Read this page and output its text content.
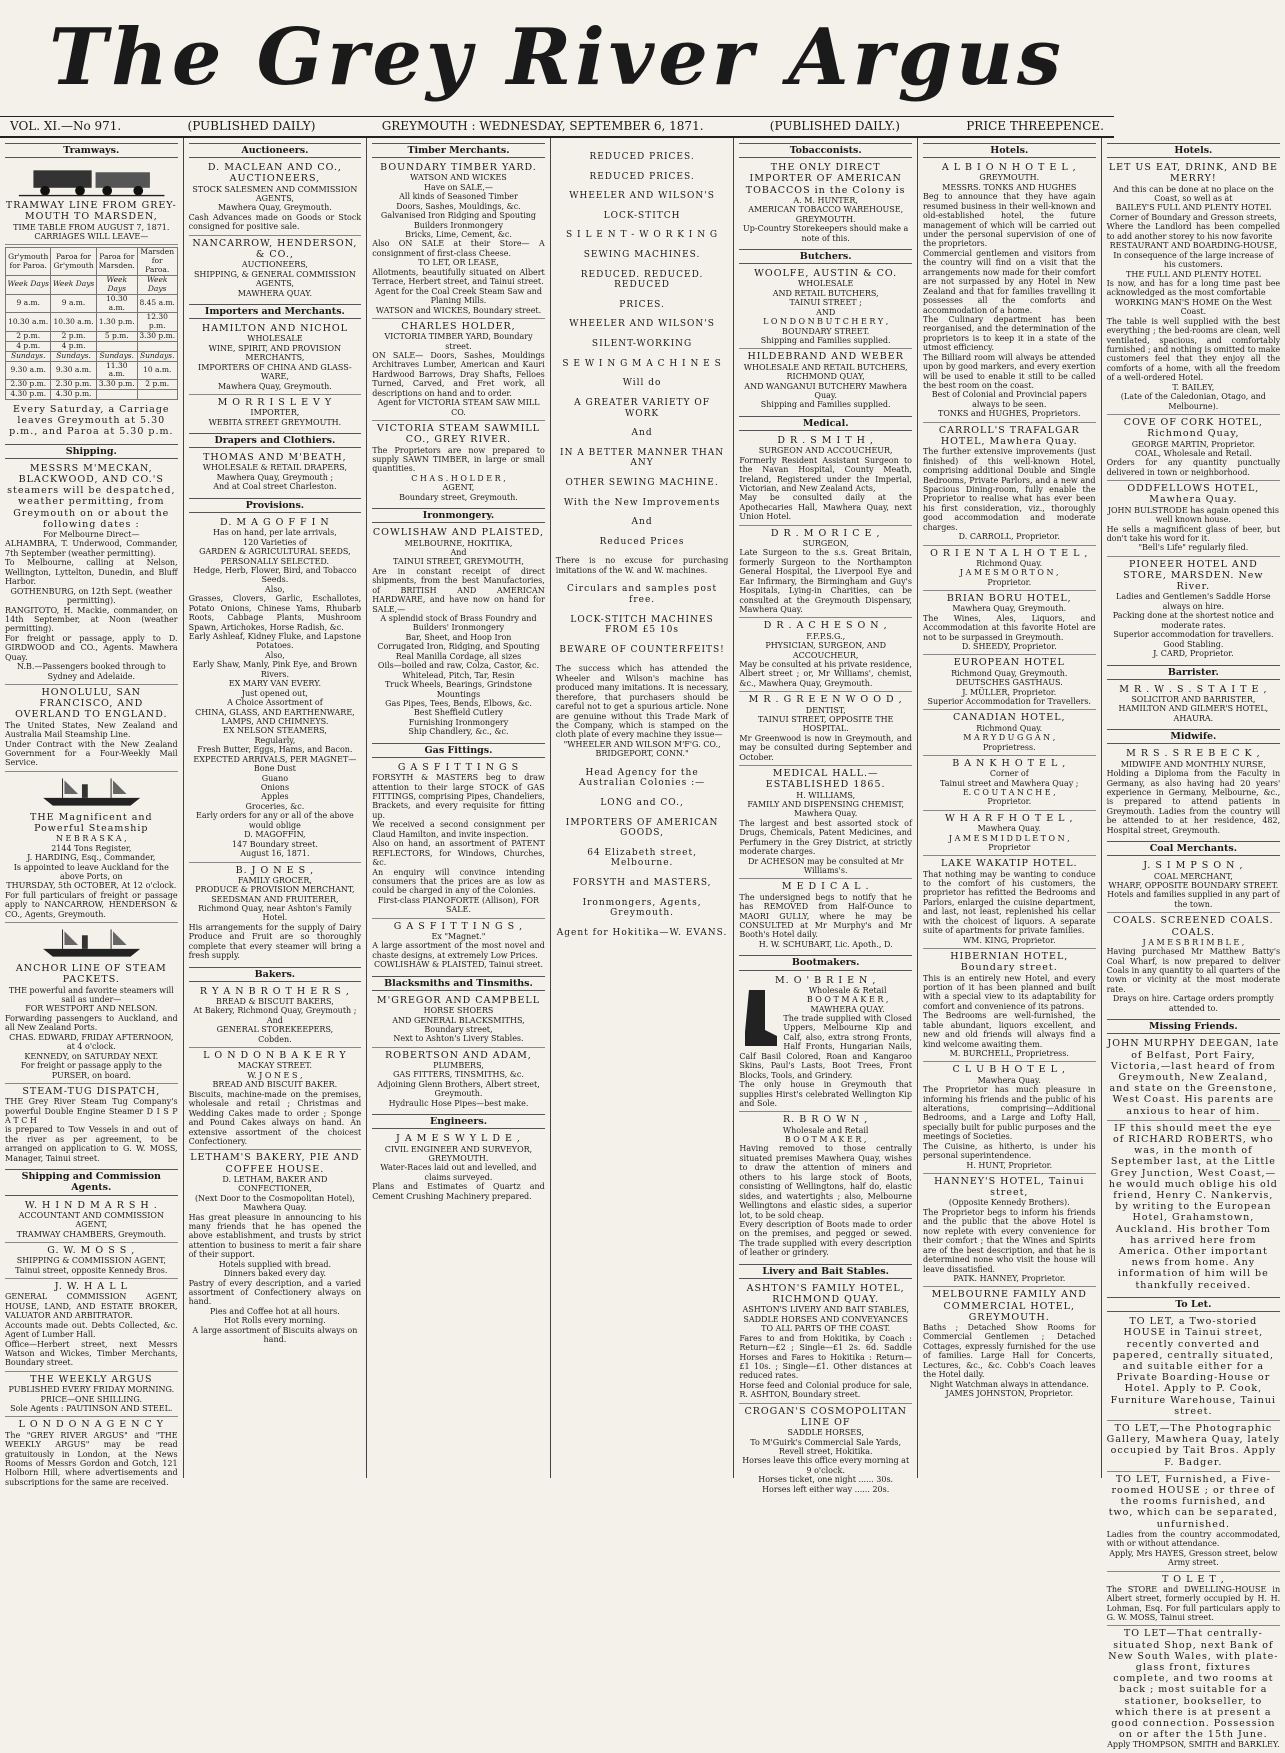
The Grey River Argus
VOL. XI.—No 971.	(PUBLISHED DAILY)	GREYMOUTH : WEDNESDAY, SEPTEMBER 6, 1871.	(PUBLISHED DAILY.)	PRICE THREEPENCE.
Tramways.
TRAMWAY LINE FROM GREY-MOUTH TO MARSDEN,
TIME TABLE FROM AUGUST 7, 1871.
CARRIAGES WILL LEAVE—
Gr'ymouth for Paroa.	Paroa for Gr'ymouth	Paroa for Marsden.	Marsden for Paroa.
Week Days	Week Days	Week Days	Week Days
9 a.m.	9 a.m.	10.30 a.m.	8.45 a.m.
10.30 a.m.	10.30 a.m.	1.30 p.m.	12.30 p.m.
2 p.m.	2 p.m.	5 p.m.	3.30 p.m.
4 p.m.	4 p.m.		
Sundays.	Sundays.	Sundays.	Sundays.
9.30 a.m.	9.30 a.m.	11.30 a.m.	10 a.m.
2.30 p.m.	2.30 p.m.	3.30 p.m.	2 p.m.
4.30 p.m.	4.30 p.m.		
Every Saturday, a Carriage leaves Greymouth at 5.30 p.m., and Paroa at 5.30 p.m.
Shipping.
MESSRS M'MECKAN, BLACKWOOD, AND CO.'S steamers will be despatched, weather permitting, from Greymouth on or about the following dates :
For Melbourne Direct—
ALHAMBRA, T. Underwood, Commander, 7th September (weather permitting).
To Melbourne, calling at Nelson, Wellington, Lyttelton, Dunedin, and Bluff Harbor.
GOTHENBURG, on 12th Sept. (weather permitting).
RANGITOTO, H. Mackie, commander, on 14th September, at Noon (weather permitting).
For freight or passage, apply to D. GIRDWOOD and CO., Agents. Mawhera Quay.
N.B.—Passengers booked through to Sydney and Adelaide.
HONOLULU, SAN FRANCISCO, AND OVERLAND TO ENGLAND.
The United States, New Zealand and Australia Mail Steamship Line.
Under Contract with the New Zealand Government for a Four-Weekly Mail Service.
THE Magnificent and Powerful Steamship
N E B R A S K A ,
2144 Tons Register,
J. HARDING, Esq., Commander,
Is appointed to leave Auckland for the above Ports, on
THURSDAY, 5th OCTOBER, At 12 o'clock.
For full particulars of freight or passage apply to NANCARROW, HENDERSON & CO., Agents, Greymouth.
ANCHOR LINE OF STEAM PACKETS.
THE powerful and favorite steamers will sail as under—
FOR WESTPORT AND NELSON.
Forwarding passengers to Auckland, and all New Zealand Ports.
CHAS. EDWARD, FRIDAY AFTERNOON, at 4 o'clock.
KENNEDY, on SATURDAY NEXT.
For freight or passage apply to the PURSER, on board.
STEAM-TUG DISPATCH,
THE Grey River Steam Tug Company's powerful Double Engine Steamer D I S P A T C H
is prepared to Tow Vessels in and out of the river as per agreement, to be arranged on application to G. W. MOSS, Manager, Tainui street.
Shipping and Commission Agents.
W. H I N D M A R S H .
ACCOUNTANT AND COMMISSION AGENT,
TRAMWAY CHAMBERS, Greymouth.
G. W. M O S S ,
SHIPPING & COMMISSION AGENT,
Tainui street, opposite Kennedy Bros.
J. W. H A L L
GENERAL COMMISSION AGENT, HOUSE, LAND, AND ESTATE BROKER, VALUATOR AND ARBITRATOR.
Accounts made out. Debts Collected, &c. Agent of Lumber Hall.
Office—Herbert street, next Messrs Watson and Wickes, Timber Merchants, Boundary street.
THE WEEKLY ARGUS
PUBLISHED EVERY FRIDAY MORNING. PRICE—ONE SHILLING.
Sole Agents : PAUTINSON AND STEEL.
L O N D O N A G E N C Y
The "GREY RIVER ARGUS" and "THE WEEKLY ARGUS" may be read gratuitously in London, at the News Rooms of Messrs Gordon and Gotch, 121 Holborn Hill, where advertisements and subscriptions for the same are received.
Auctioneers.
D. MACLEAN AND CO., AUCTIONEERS,
STOCK SALESMEN AND COMMISSION AGENTS,
Mawhera Quay, Greymouth.
Cash Advances made on Goods or Stock consigned for positive sale.
NANCARROW, HENDERSON, & CO.,
AUCTIONEERS,
SHIPPING, & GENERAL COMMISSION AGENTS,
MAWHERA QUAY.
Importers and Merchants.
HAMILTON AND NICHOL
WHOLESALE
WINE, SPIRIT, AND PROVISION MERCHANTS,
IMPORTERS OF CHINA AND GLASS-WARE,
Mawhera Quay, Greymouth.
M O R R I S L E V Y
IMPORTER,
WEBITA STREET GREYMOUTH.
Drapers and Clothiers.
THOMAS AND M'BEATH,
WHOLESALE & RETAIL DRAPERS,
Mawhera Quay, Greymouth ;
And at Coal street Charleston.
Provisions.
D. M A G O F F I N
Has on hand, per late arrivals,
120 Varieties of
GARDEN & AGRICULTURAL SEEDS,
PERSONALLY SELECTED.
Hedge, Herb, Flower, Bird, and Tobacco Seeds.
Also,
Grasses, Clovers, Garlic, Eschallotes, Potato Onions, Chinese Yams, Rhubarb Roots, Cabbage Plants, Mushroom Spawn, Artichokes, Horse Radish, &c.
Early Ashleaf, Kidney Fluke, and Lapstone Potatoes.
Also,
Early Shaw, Manly, Pink Eye, and Brown Rivers.
EX MARY VAN EVERY.
Just opened out,
A Choice Assortment of
CHINA, GLASS, AND EARTHENWARE, LAMPS, AND CHIMNEYS.
EX NELSON STEAMERS,
Regularly,
Fresh Butter, Eggs, Hams, and Bacon.
EXPECTED ARRIVALS, PER MAGNET—
Bone Dust
Guano
Onions
Apples
Groceries, &c.
Early orders for any or all of the above would oblige
D. MAGOFFIN,
147 Boundary street.
August 16, 1871.
B. J O N E S ,
FAMILY GROCER,
PRODUCE & PROVISION MERCHANT,
SEEDSMAN AND FRUITERER,
Richmond Quay, near Ashton's Family Hotel.
His arrangements for the supply of Dairy Produce and Fruit are so thoroughly complete that every steamer will bring a fresh supply.
Bakers.
R Y A N B R O T H E R S ,
BREAD & BISCUIT BAKERS,
At Bakery, Richmond Quay, Greymouth ; And
GENERAL STOREKEEPERS,
Cobden.
L O N D O N B A K E R Y
MACKAY STREET.
W. J O N E S ,
BREAD AND BISCUIT BAKER.
Biscuits, machine-made on the premises, wholesale and retail ; Christmas and Wedding Cakes made to order ; Sponge and Pound Cakes always on hand. An extensive assortment of the choicest Confectionery.
LETHAM'S BAKERY, PIE AND COFFEE HOUSE.
D. LETHAM, BAKER AND CONFECTIONER,
(Next Door to the Cosmopolitan Hotel), Mawhera Quay.
Has great pleasure in announcing to his many friends that he has opened the above establishment, and trusts by strict attention to business to merit a fair share of their support.
Hotels supplied with bread.
Dinners baked every day.
Pastry of every description, and a varied assortment of Confectionery always on hand.
Pies and Coffee hot at all hours.
Hot Rolls every morning.
A large assortment of Biscuits always on hand.
Timber Merchants.
BOUNDARY TIMBER YARD.
WATSON AND WICKES
Have on SALE,—
All kinds of Seasoned Timber
Doors, Sashes, Mouldings, &c.
Galvanised Iron Ridging and Spouting
Builders Ironmongery
Bricks, Lime, Cement, &c.
Also ON SALE at their Store— A consignment of first-class Cheese.
TO LET, OR LEASE,
Allotments, beautifully situated on Albert Terrace, Herbert street, and Tainui street.
Agent for the Coal Creek Steam Saw and Planing Mills.
WATSON and WICKES, Boundary street.
CHARLES HOLDER,
VICTORIA TIMBER YARD, Boundary street.
ON SALE— Doors, Sashes, Mouldings Architraves Lumber, American and Kauri Hardwood Barrows, Dray Shafts, Felloes Turned, Carved, and Fret work, all descriptions on hand and to order.
Agent for VICTORIA STEAM SAW MILL CO.
VICTORIA STEAM SAWMILL CO., GREY RIVER.
The Proprietors are now prepared to supply SAWN TIMBER, in large or small quantities.
C H A S . H O L D E R ,
AGENT,
Boundary street, Greymouth.
Ironmongery.
COWLISHAW AND PLAISTED,
MELBOURNE, HOKITIKA,
And
TAINUI STREET, GREYMOUTH,
Are in constant receipt of direct shipments, from the best Manufactories, of BRITISH AND AMERICAN HARDWARE, and have now on hand for SALE,—
A splendid stock of Brass Foundry and Builders' Ironmongery
Bar, Sheet, and Hoop Iron
Corrugated Iron, Ridging, and Spouting
Real Manilla Cordage, all sizes
Oils—boiled and raw, Colza, Castor, &c.
Whitelead, Pitch, Tar, Resin
Truck Wheels, Bearings, Grindstone Mountings
Gas Pipes, Tees, Bends, Elbows, &c.
Best Sheffield Cutlery
Furnishing Ironmongery
Ship Chandlery, &c., &c.
Gas Fittings.
G A S F I T T I N G S
FORSYTH & MASTERS beg to draw attention to their large STOCK of GAS FITTINGS, comprising Pipes, Chandeliers, Brackets, and every requisite for fitting up.
We received a second consignment per Claud Hamilton, and invite inspection.
Also on hand, an assortment of PATENT REFLECTORS, for Windows, Churches, &c.
An enquiry will convince intending consumers that the prices are as low as could be charged in any of the Colonies.
First-class PIANOFORTE (Allison), FOR SALE.
G A S F I T T I N G S ,
Ex "Magnet."
A large assortment of the most novel and chaste designs, at extremely Low Prices.
COWLISHAW & PLAISTED, Tainui street.
Blacksmiths and Tinsmiths.
M'GREGOR AND CAMPBELL
HORSE SHOERS
AND GENERAL BLACKSMITHS,
Boundary street,
Next to Ashton's Livery Stables.
ROBERTSON AND ADAM,
PLUMBERS,
GAS FITTERS, TINSMITHS, &c.
Adjoining Glenn Brothers, Albert street, Greymouth.
Hydraulic Hose Pipes—best make.
Engineers.
J A M E S W Y L D E ,
CIVIL ENGINEER AND SURVEYOR,
GREYMOUTH.
Water-Races laid out and levelled, and claims surveyed.
Plans and Estimates of Quartz and Cement Crushing Machinery prepared.
REDUCED PRICES.
REDUCED PRICES.
WHEELER AND WILSON'S
LOCK-STITCH
S I L E N T - W O R K I N G
SEWING MACHINES.
REDUCED. REDUCED. REDUCED
PRICES.
WHEELER AND WILSON'S
SILENT-WORKING
S E W I N G M A C H I N E S
Will do
A GREATER VARIETY OF WORK
And
IN A BETTER MANNER THAN ANY
OTHER SEWING MACHINE.
With the New Improvements
And
Reduced Prices
There is no excuse for purchasing imitations of the W. and W. machines.
Circulars and samples post free.
LOCK-STITCH MACHINES FROM £5 10s
BEWARE OF COUNTERFEITS!
The success which has attended the Wheeler and Wilson's machine has produced many imitations. It is necessary, therefore, that purchasers should be careful not to get a spurious article. None are genuine without this Trade Mark of the Company, which is stamped on the cloth plate of every machine they issue—
"WHEELER AND WILSON M'F'G. CO., BRIDGEPORT, CONN."
Head Agency for the Australian Colonies :—
LONG and CO.,
IMPORTERS OF AMERICAN GOODS,
64 Elizabeth street, Melbourne.
FORSYTH and MASTERS,
Ironmongers, Agents, Greymouth.
Agent for Hokitika—W. EVANS.
Tobacconists.
THE ONLY DIRECT IMPORTER OF AMERICAN TOBACCOS in the Colony is
A. M. HUNTER,
AMERICAN TOBACCO WAREHOUSE, GREYMOUTH.
Up-Country Storekeepers should make a note of this.
Butchers.
WOOLFE, AUSTIN & CO.
WHOLESALE
AND RETAIL BUTCHERS,
TAINUI STREET ;
AND
L O N D O N B U T C H E R Y ,
BOUNDARY STREET.
Shipping and Families supplied.
HILDEBRAND AND WEBER
WHOLESALE AND RETAIL BUTCHERS,
RICHMOND QUAY,
AND WANGANUI BUTCHERY Mawhera Quay.
Shipping and Families supplied.
Medical.
D R . S M I T H ,
SURGEON AND ACCOUCHEUR,
Formerly Resident Assistant Surgeon to the Navan Hospital, County Meath, Ireland, Registered under the Imperial, Victorian, and New Zealand Acts,
May be consulted daily at the Apothecaries Hall, Mawhera Quay, next Union Hotel.
D R . M O R I C E ,
SURGEON,
Late Surgeon to the s.s. Great Britain, formerly Surgeon to the Northampton General Hospital, the Liverpool Eye and Ear Infirmary, the Birmingham and Guy's Hospitals, Lying-in Charities, can be consulted at the Greymouth Dispensary, Mawhera Quay.
D R . A C H E S O N ,
F.F.P.S.G.,
PHYSICIAN, SURGEON, AND ACCOUCHEUR,
May be consulted at his private residence, Albert street ; or, Mr Williams', chemist, &c., Mawhera Quay, Greymouth.
M R . G R E E N W O O D ,
DENTIST,
TAINUI STREET, OPPOSITE THE HOSPITAL.
Mr Greenwood is now in Greymouth, and may be consulted during September and October.
MEDICAL HALL.—ESTABLISHED 1865.
H. WILLIAMS,
FAMILY AND DISPENSING CHEMIST, Mawhera Quay.
The largest and best assorted stock of Drugs, Chemicals, Patent Medicines, and Perfumery in the Grey District, at strictly moderate charges.
Dr ACHESON may be consulted at Mr Williams's.
M E D I C A L .
The undersigned begs to notify that he has REMOVED from Half-Ounce to MAORI GULLY, where he may be CONSULTED at Mr Murphy's and Mr Booth's Hotel daily.
H. W. SCHUBART, Lic. Apoth., D.
Bootmakers.
M. O ' B R I E N ,
Wholesale & Retail
B O O T M A K E R ,
MAWHERA QUAY.
The trade supplied with Closed Uppers, Melbourne Kip and Calf, also, extra strong Fronts, Half Fronts, Hungarian Nails, Calf Basil Colored, Roan and Kangaroo Skins, Paul's Lasts, Boot Trees, Front Blocks, Tools, and Grindery.
The only house in Greymouth that supplies Hirst's celebrated Wellington Kip and Sole.
R. B R O W N ,
Wholesale and Retail
B O O T M A K E R ,
Having removed to those centrally situated premises Mawhera Quay, wishes to draw the attention of miners and others to his large stock of Boots, consisting of Wellingtons, half do, elastic sides, and watertights ; also, Melbourne Wellingtons and elastic sides, a superior lot, to be sold cheap.
Every description of Boots made to order on the premises, and pegged or sewed. The trade supplied with every description of leather or grindery.
Livery and Bait Stables.
ASHTON'S FAMILY HOTEL, RICHMOND QUAY.
ASHTON'S LIVERY AND BAIT STABLES,
SADDLE HORSES AND CONVEYANCES TO ALL PARTS OF THE COAST.
Fares to and from Hokitika, by Coach : Return—£2 ; Single—£1 2s. 6d. Saddle Horses and Fares to Hokitika : Return—£1 10s. ; Single—£1. Other distances at reduced rates.
Horse feed and Colonial produce for sale, R. ASHTON, Boundary street.
CROGAN'S COSMOPOLITAN LINE OF
SADDLE HORSES,
To M'Guirk's Commercial Sale Yards, Revell street, Hokitika.
Horses leave this office every morning at 9 o'clock.
Horses ticket, one night ...... 30s.
Horses left either way ...... 20s.
Hotels.
A L B I O N H O T E L ,
GREYMOUTH.
MESSRS. TONKS AND HUGHES
Beg to announce that they have again resumed business in their well-known and old-established hotel, the future management of which will be carried out under the personal supervision of one of the proprietors.
Commercial gentlemen and visitors from the country will find on a visit that the arrangements now made for their comfort are not surpassed by any Hotel in New Zealand and that for families travelling it possesses all the comforts and accommodation of a home.
The Culinary department has been reorganised, and the determination of the proprietors is to keep it in a state of the utmost efficiency.
The Billiard room will always be attended upon by good markers, and every exertion will be used to enable it still to be called the best room on the coast.
Best of Colonial and Provincial papers always to be seen.
TONKS and HUGHES, Proprietors.
CARROLL'S TRAFALGAR HOTEL, Mawhera Quay.
The further extensive improvements (just finished) of this well-known Hotel, comprising additional Double and Single Bedrooms, Private Parlors, and a new and Spacious Dining-room, fully enable the Proprietor to realise what has ever been his first consideration, viz., thoroughly good accommodation and moderate charges.
D. CARROLL, Proprietor.
O R I E N T A L H O T E L ,
Richmond Quay.
J A M E S M O R T O N ,
Proprietor.
BRIAN BORU HOTEL,
Mawhera Quay, Greymouth.
The Wines, Ales, Liquors, and Accommodation at this favorite Hotel are not to be surpassed in Greymouth.
D. SHEEDY, Proprietor.
EUROPEAN HOTEL
Richmond Quay, Greymouth.
DEUTSCHES GASTHAUS.
J. MÜLLER, Proprietor.
Superior Accommodation for Travellers.
CANADIAN HOTEL,
Richmond Quay.
M A R Y D U G G A N ,
Proprietress.
B A N K H O T E L ,
Corner of
Tainui street and Mawhera Quay ;
E. C O U T A N C H E ,
Proprietor.
W H A R F H O T E L ,
Mawhera Quay.
J A M E S M I D D L E T O N ,
Proprietor
LAKE WAKATIP HOTEL.
That nothing may be wanting to conduce to the comfort of his customers, the proprietor has refitted the Bedrooms and Parlors, enlarged the cuisine department, and last, not least, replenished his cellar with the choicest of liquors. A separate suite of apartments for private families.
WM. KING, Proprietor.
HIBERNIAN HOTEL, Boundary street.
This is an entirely new Hotel, and every portion of it has been planned and built with a special view to its adaptability for comfort and convenience of its patrons.
The Bedrooms are well-furnished, the table abundant, liquors excellent, and new and old friends will always find a kind welcome awaiting them.
M. BURCHELL, Proprietress.
C L U B H O T E L ,
Mawhera Quay.
The Proprietor has much pleasure in informing his friends and the public of his alterations, comprising—Additional Bedrooms, and a Large and Lofty Hall, specially built for public purposes and the meetings of Societies.
The Cuisine, as hitherto, is under his personal superintendence.
H. HUNT, Proprietor.
HANNEY'S HOTEL, Tainui street,
(Opposite Kennedy Brothers).
The Proprietor begs to inform his friends and the public that the above Hotel is now replete with every convenience for their comfort ; that the Wines and Spirits are of the best description, and that he is determined none who visit the house will leave dissatisfied.
PATK. HANNEY, Proprietor.
MELBOURNE FAMILY AND COMMERCIAL HOTEL, GREYMOUTH.
Baths ; Detached Show Rooms for Commercial Gentlemen ; Detached Cottages, expressly furnished for the use of families. Large Hall for Concerts, Lectures, &c., &c. Cobb's Coach leaves the Hotel daily.
Night Watchman always in attendance.
JAMES JOHNSTON, Proprietor.
Hotels.
LET US EAT, DRINK, AND BE MERRY!
And this can be done at no place on the Coast, so well as at
BAILEY'S FULL AND PLENTY HOTEL
Corner of Boundary and Gresson streets,
Where the Landlord has been compelled to add another storey to his now favorite
RESTAURANT AND BOARDING-HOUSE,
In consequence of the large increase of his customers.
THE FULL AND PLENTY HOTEL
Is now, and has for a long time past bee acknowledged as the most comfortable
WORKING MAN'S HOME On the West Coast.
The table is well supplied with the best everything ; the bed-rooms are clean, well ventilated, spacious, and comfortably furnished ; and nothing is omitted to make customers feel that they enjoy all the comforts of a home, with all the freedom of a well-ordered Hotel.
T. BAILEY,
(Late of the Caledonian, Otago, and Melbourne).
COVE OF CORK HOTEL, Richmond Quay,
GEORGE MARTIN, Proprietor.
COAL, Wholesale and Retail.
Orders for any quantity punctually delivered in town or neighborhood.
ODDFELLOWS HOTEL, Mawhera Quay.
JOHN BULSTRODE has again opened this well known house.
He sells a magnificent glass of beer, but don't take his word for it.
"Bell's Life" regularly filed.
PIONEER HOTEL AND STORE, MARSDEN. New River.
Ladies and Gentlemen's Saddle Horse always on hire.
Packing done at the shortest notice and moderate rates.
Superior accommodation for travellers. Good Stabling.
J. CARD, Proprietor.
Barrister.
M R . W . S . S T A I T E ,
SOLICITOR AND BARRISTER,
HAMILTON AND GILMER'S HOTEL,
AHAURA.
Midwife.
M R S . S R E B E C K ,
MIDWIFE AND MONTHLY NURSE,
Holding a Diploma from the Faculty in Germany, as also having had 20 years' experience in Germany, Melbourne, &c., is prepared to attend patients in Greymouth. Ladies from the country will be attended to at her residence, 482, Hospital street, Greymouth.
Coal Merchants.
J. S I M P S O N ,
COAL MERCHANT,
WHARF, OPPOSITE BOUNDARY STREET.
Hotels and families supplied in any part of the town.
COALS. SCREENED COALS. COALS.
J A M E S B R I M B L E ,
Having purchased Mr Matthew Batty's Coal Wharf, is now prepared to deliver Coals in any quantity to all quarters of the town or vicinity at the most moderate rate.
Drays on hire. Cartage orders promptly attended to.
Missing Friends.
JOHN MURPHY DEEGAN, late of Belfast, Port Fairy, Victoria,—last heard of from Greymouth, New Zealand, and state on the Greenstone, West Coast. His parents are anxious to hear of him.
IF this should meet the eye of RICHARD ROBERTS, who was, in the month of September last, at the Little Grey Junction, West Coast,—he would much oblige his old friend, Henry C. Nankervis, by writing to the European Hotel, Grahamstown, Auckland. His brother Tom has arrived here from America. Other important news from home. Any information of him will be thankfully received.
To Let.
TO LET, a Two-storied HOUSE in Tainui street, recently converted and papered, centrally situated, and suitable either for a Private Boarding-House or Hotel. Apply to P. Cook, Furniture Warehouse, Tainui street.
TO LET,—The Photographic Gallery, Mawhera Quay, lately occupied by Tait Bros. Apply F. Badger.
TO LET, Furnished, a Five-roomed HOUSE ; or three of the rooms furnished, and two, which can be separated, unfurnished.
Ladies from the country accommodated, with or without attendance.
Apply, Mrs HAYES, Gresson street, below Army street.
T O L E T ,
The STORE and DWELLING-HOUSE in Albert street, formerly occupied by H. H. Lohman, Esq. For full particulars apply to G. W. MOSS, Tainui street.
TO LET—That centrally-situated Shop, next Bank of New South Wales, with plate-glass front, fixtures complete, and two rooms at back ; most suitable for a stationer, bookseller, to which there is at present a good connection. Possession on or after the 15th June.
Apply THOMPSON, SMITH and BARKLEY.
